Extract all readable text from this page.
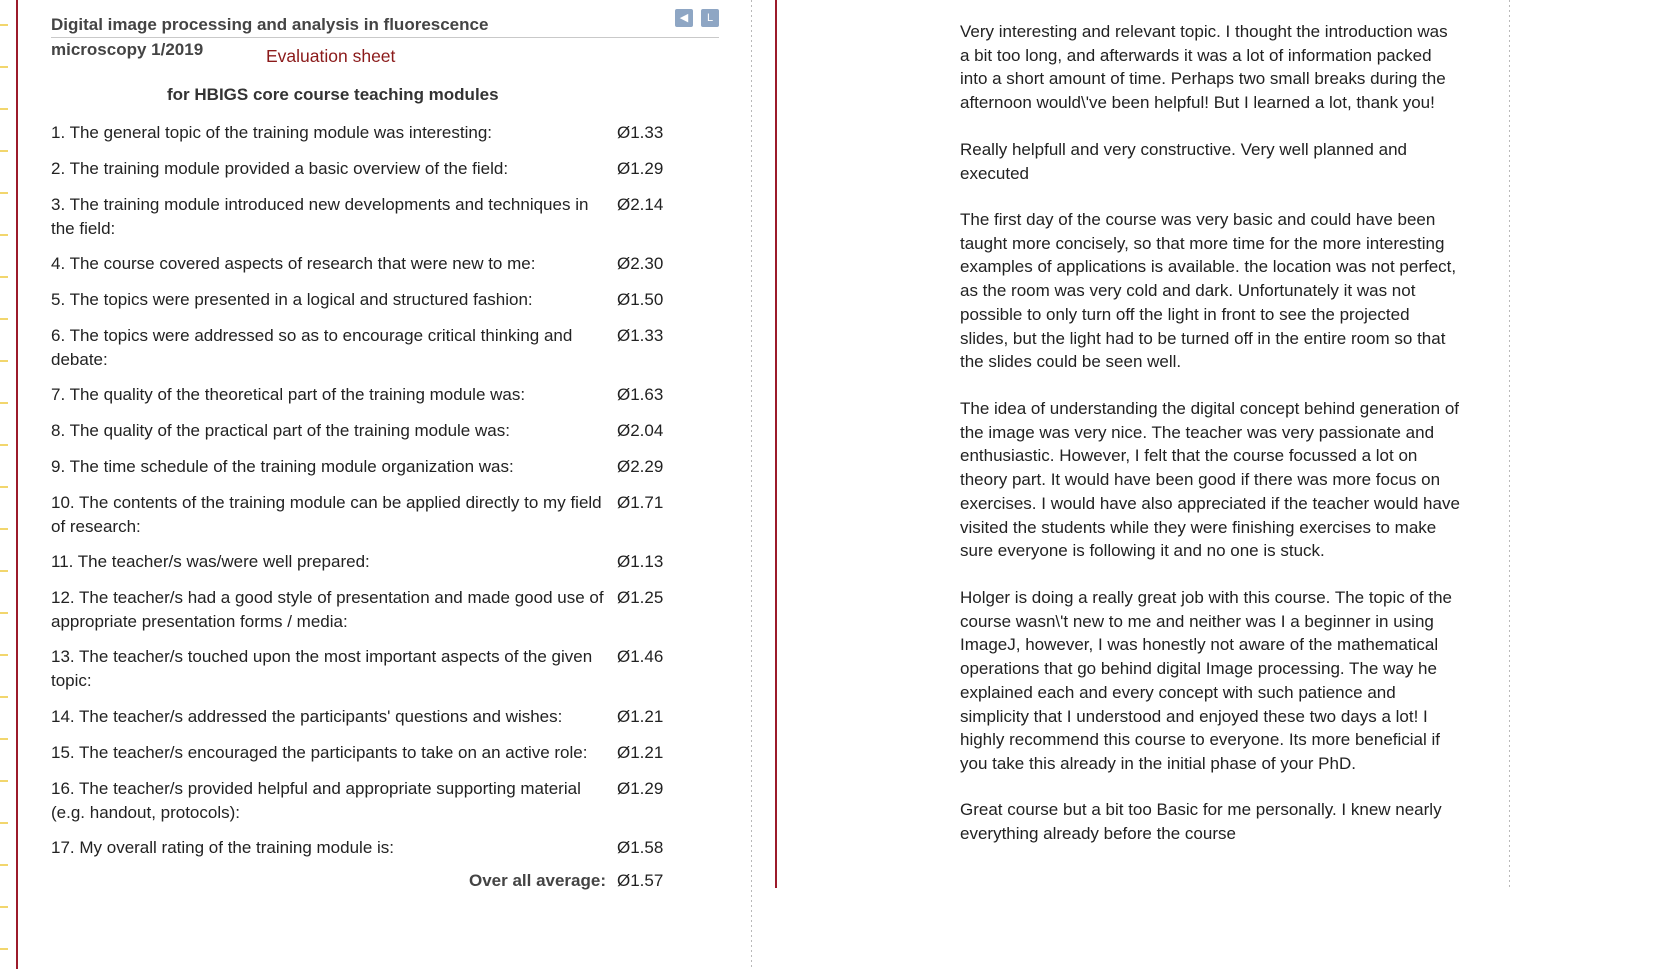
Digital image processing and analysis in fluorescence
microscopy 1/2019	Evaluation sheet
◀	L
for HBIGS core course teaching modules
1. The general topic of the training module was interesting:	Ø1.33
2. The training module provided a basic overview of the field:	Ø1.29
3. The training module introduced new developments and techniques in the field:
Ø2.14
4. The course covered aspects of research that were new to me:	Ø2.30
5. The topics were presented in a logical and structured fashion:	Ø1.50
6. The topics were addressed so as to encourage critical thinking and debate:
Ø1.33
7. The quality of the theoretical part of the training module was:	Ø1.63
8. The quality of the practical part of the training module was:	Ø2.04
9. The time schedule of the training module organization was:	Ø2.29
10. The contents of the training module can be applied directly to my field of research:
Ø1.71
11. The teacher/s was/were well prepared:	Ø1.13
12. The teacher/s had a good style of presentation and made good use of appropriate presentation forms / media:
Ø1.25
13. The teacher/s touched upon the most important aspects of the given topic:
Ø1.46
14. The teacher/s addressed the participants' questions and wishes:	Ø1.21
15. The teacher/s encouraged the participants to take on an active role:	Ø1.21
16. The teacher/s provided helpful and appropriate supporting material (e.g. handout, protocols):
Ø1.29
17. My overall rating of the training module is:	Ø1.58
Over all average: Ø1.57
Very interesting and relevant topic. I thought the introduction was a bit too long, and afterwards it was a lot of information packed into a short amount of time. Perhaps two small breaks during the afternoon would\'ve been helpful! But I learned a lot, thank you!
Really helpfull and very constructive. Very well planned and executed
The first day of the course was very basic and could have been taught more concisely, so that more time for the more interesting examples of applications is available. the location was not perfect, as the room was very cold and dark. Unfortunately it was not possible to only turn off the light in front to see the projected slides, but the light had to be turned off in the entire room so that the slides could be seen well.
The idea of understanding the digital concept behind generation of the image was very nice. The teacher was very passionate and enthusiastic. However, I felt that the course focussed a lot on theory part. It would have been good if there was more focus on exercises. I would have also appreciated if the teacher would have visited the students while they were finishing exercises to make sure everyone is following it and no one is stuck.
Holger is doing a really great job with this course. The topic of the course wasn\'t new to me and neither was I a beginner in using ImageJ, however, I was honestly not aware of the mathematical operations that go behind digital Image processing. The way he explained each and every concept with such patience and simplicity that I understood and enjoyed these two days a lot! I highly recommend this course to everyone. Its more beneficial if you take this already in the initial phase of your PhD.
Great course but a bit too Basic for me personally. I knew nearly everything already before the course
